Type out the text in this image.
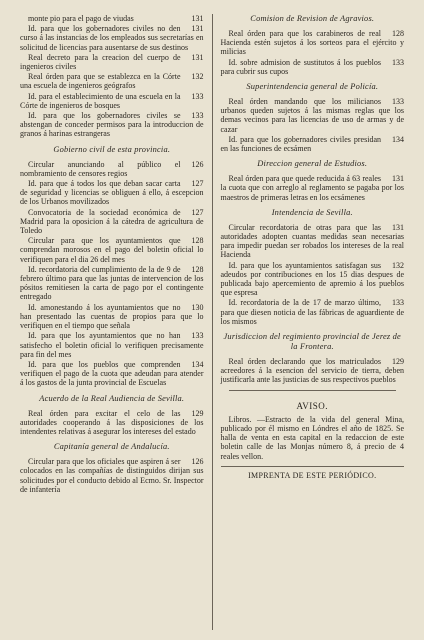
131
monte pio para el pago de viudas

131
Id. para que los gobernadores civiles no den curso á las instancias de los empleados sus secretarías en solicitud de licencias para ausentarse de sus destinos

131
Real decreto para la creacion del cuerpo de ingenieros civiles

132
Real órden para que se establezca en la Córte una escuela de ingenieros geógrafos

133
Id. para el establecimiento de una escuela en la Córte de ingenieros de bosques

133
Id. para que los gobernadores civiles se abstengan de conceder permisos para la introduccion de granos á harinas estrangeras

Gobierno civil de esta provincia.

126
Circular anunciando al público el nombramiento de censores regios

127
Id. para que á todos los que deban sacar carta de seguridad y licencias se obliguen á ello, á escepcion de los Urbanos movilizados

127
Convocatoria de la sociedad económica de Madrid para la oposicion á la cátedra de agricultura de Toledo

128
Circular para que los ayuntamientos que comprendan morosos en el pago del boletin oficial lo verifiquen para el dia 26 del mes

128
Id. recordatoria del cumplimiento de la de 9 de febrero último para que las juntas de intervencion de los pósitos remitiesen la carta de pago por el contingente entregado

130
Id. amonestando á los ayuntamientos que no han presentado las cuentas de propios para que lo verifiquen en el tiempo que señala

133
Id. para que los ayuntamientos que no han satisfecho el boletin oficial lo verifiquen precisamente para fin del mes

134
Id. para que los pueblos que comprenden verifiquen el pago de la cuota que adeudan para atender á los gastos de la junta provincial de Escuelas

Acuerdo de la Real Audiencia de Sevilla.

129
Real órden para excitar el celo de las autoridades cooperando á las disposiciones de los intendentes relativas á asegurar los intereses del estado

Capitanía general de Andalucía.

126
Circular para que los oficiales que aspiren á ser colocados en las compañías de distinguidos dirijan sus solicitudes por el conducto debido al Ecmo. Sr. Inspector de infantería

Comision de Revision de Agravios.

128
Real órden para que los carabineros de real Hacienda estén sujetos á los sorteos para el ejército y milicias

133
Id. sobre admision de sustitutos á los pueblos para cubrir sus cupos

Superintendencia general de Policía.

133
Real órden mandando que los milicianos urbanos queden sujetos á las mismas reglas que los demas vecinos para las licencias de uso de armas y de cazar

134
Id. para que los gobernadores civiles presidan en las funciones de ecsámen

Direccion general de Estudios.

131
Real órden para que quede reducida á 63 reales la cuota que con arreglo al reglamento se pagaba por los maestros de primeras letras en los ecsámenes

Intendencia de Sevilla.

131
Circular recordatoria de otras para que las autoridades adopten cuantas medidas sean necesarias para impedir puedan ser robados los intereses de la real Hacienda

132
Id. para que los ayuntamientos satisfagan sus adeudos por contribuciones en los 15 dias despues de publicada bajo apercemiento de apremio á los pueblos que espresa

133
Id. recordatoria de la de 17 de marzo último, para que diesen noticia de las fábricas de aguardiente de los mismos

Jurisdiccion del regimiento provincial de Jerez de la Frontera.

129
Real órden declarando que los matriculados acreedores á la esencion del servicio de tierra, deben justificarla ante las justicias de sus respectivos pueblos

AVISO.

Libros. —Estracto de la vida del general Mina, publicado por él mismo en Lóndres el año de 1825. Se halla de venta en esta capital en la redaccion de este boletin calle de las Monjas número 8, á precio de 4 reales vellon.

IMPRENTA DE ESTE PERIÓDICO.
